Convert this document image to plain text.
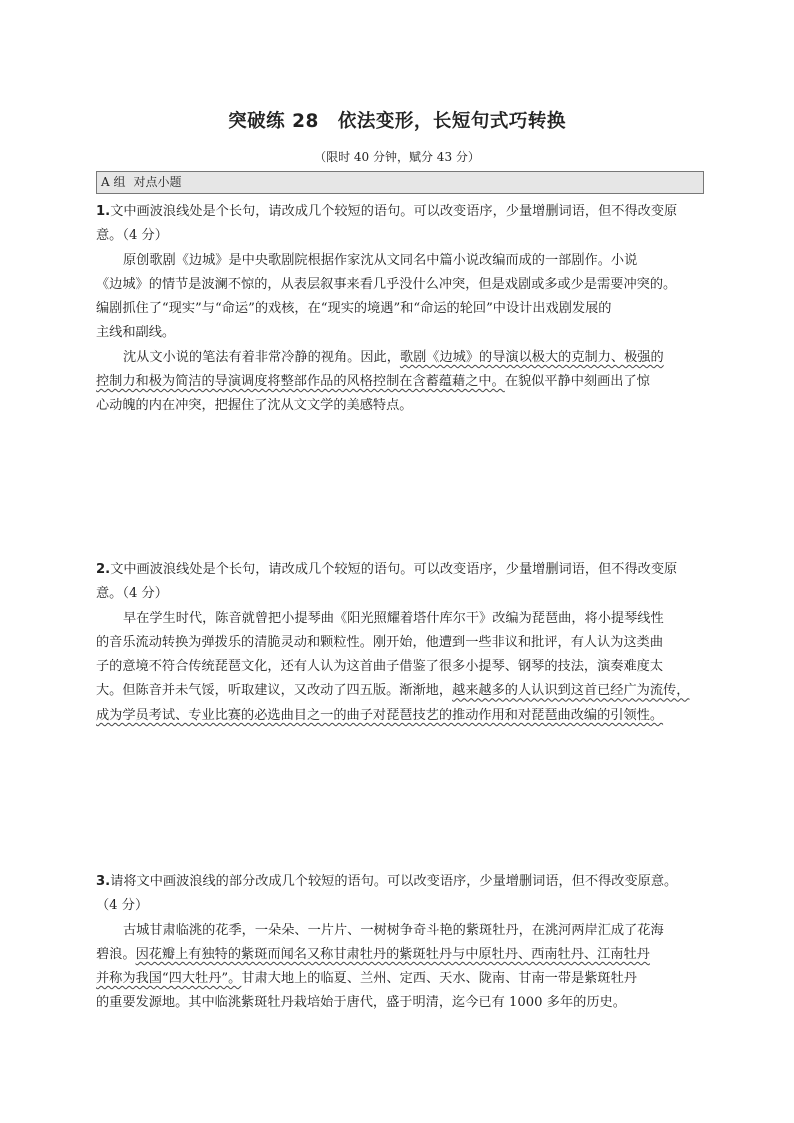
突破练 28　依法变形，长短句式巧转换
（限时 40 分钟，赋分 43 分）
A 组 对点小题
1.文中画波浪线处是个长句，请改成几个较短的语句。可以改变语序，少量增删词语，但不得改变原
意。（4 分）
原创歌剧《边城》是中央歌剧院根据作家沈从文同名中篇小说改编而成的一部剧作。小说
《边城》的情节是波澜不惊的，从表层叙事来看几乎没什么冲突，但是戏剧或多或少是需要冲突的。
编剧抓住了“现实”与“命运”的戏核，在“现实的境遇”和“命运的轮回”中设计出戏剧发展的
主线和副线。
沈从文小说的笔法有着非常冷静的视角。因此，歌剧《边城》的导演以极大的克制力、极强的
控制力和极为简洁的导演调度将整部作品的风格控制在含蓄蕴藉之中。在貌似平静中刻画出了惊
心动魄的内在冲突，把握住了沈从文文学的美感特点。
2.文中画波浪线处是个长句，请改成几个较短的语句。可以改变语序，少量增删词语，但不得改变原
意。（4 分）
早在学生时代，陈音就曾把小提琴曲《阳光照耀着塔什库尔干》改编为琵琶曲，将小提琴线性
的音乐流动转换为弹拨乐的清脆灵动和颗粒性。刚开始，他遭到一些非议和批评，有人认为这类曲
子的意境不符合传统琵琶文化，还有人认为这首曲子借鉴了很多小提琴、钢琴的技法，演奏难度太
大。但陈音并未气馁，听取建议，又改动了四五版。渐渐地，越来越多的人认识到这首已经广为流传，
成为学员考试、专业比赛的必选曲目之一的曲子对琵琶技艺的推动作用和对琵琶曲改编的引领性。
3.请将文中画波浪线的部分改成几个较短的语句。可以改变语序，少量增删词语，但不得改变原意。
（4 分）
古城甘肃临洮的花季，一朵朵、一片片、一树树争奇斗艳的紫斑牡丹，在洮河两岸汇成了花海
碧浪。因花瓣上有独特的紫斑而闻名又称甘肃牡丹的紫斑牡丹与中原牡丹、西南牡丹、江南牡丹
并称为我国“四大牡丹”。甘肃大地上的临夏、兰州、定西、天水、陇南、甘南一带是紫斑牡丹
的重要发源地。其中临洮紫斑牡丹栽培始于唐代，盛于明清，迄今已有 1000 多年的历史。
